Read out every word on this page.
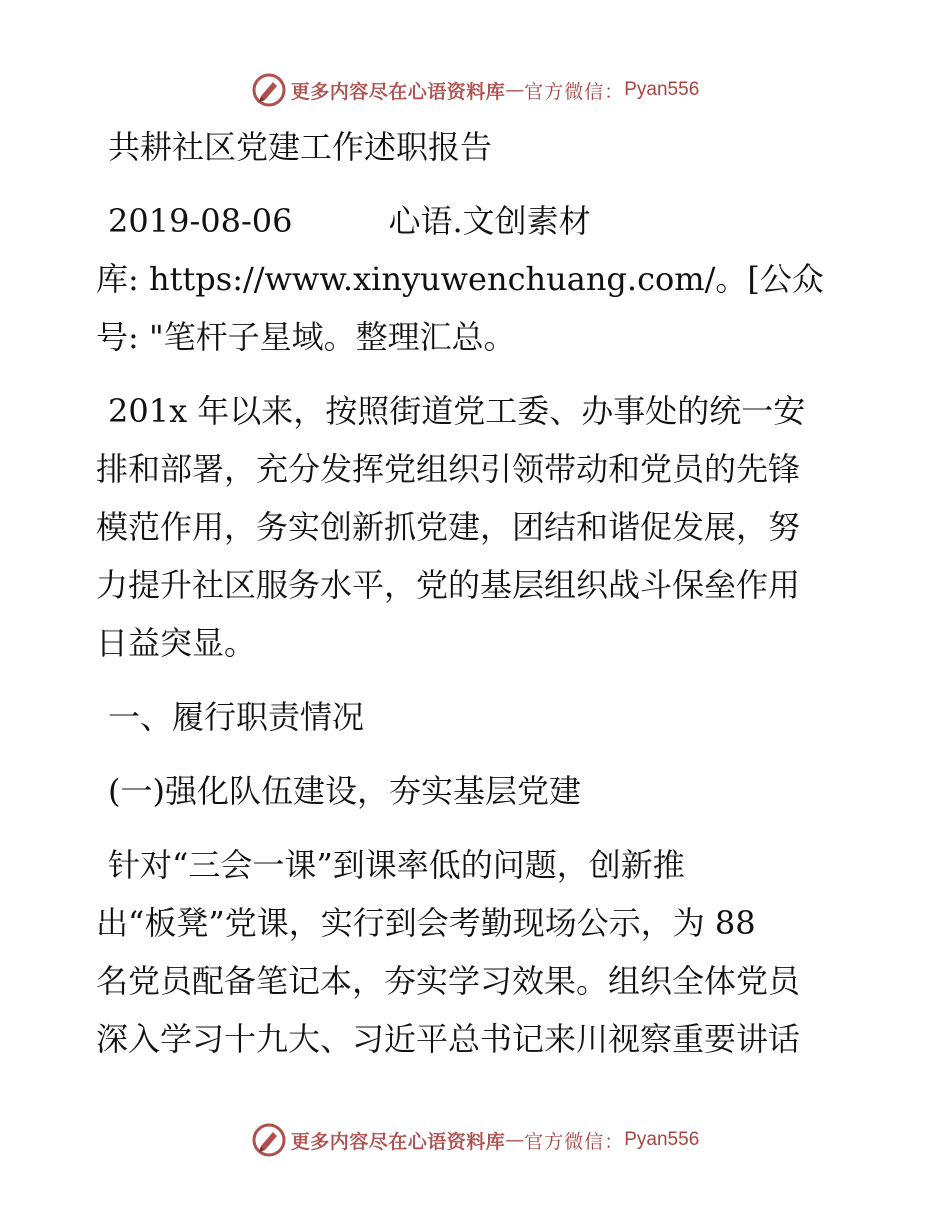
更多内容尽在心语资料库 — 官方微信： Pyan556
共耕社区党建工作述职报告
2019-08-06　　　心语.文创素材
库: https://www.xinyuwenchuang.com/。[公众
号: "笔杆子星域。整理汇总。
201x 年以来，按照街道党工委、办事处的统一安
排和部署，充分发挥党组织引领带动和党员的先锋
模范作用，务实创新抓党建，团结和谐促发展，努
力提升社区服务水平，党的基层组织战斗保垒作用
日益突显。
一、履行职责情况
(一)强化队伍建设，夯实基层党建
针对“三会一课”到课率低的问题，创新推
出“板凳”党课，实行到会考勤现场公示，为 88
名党员配备笔记本，夯实学习效果。组织全体党员
深入学习十九大、习近平总书记来川视察重要讲话
更多内容尽在心语资料库 — 官方微信： Pyan556
